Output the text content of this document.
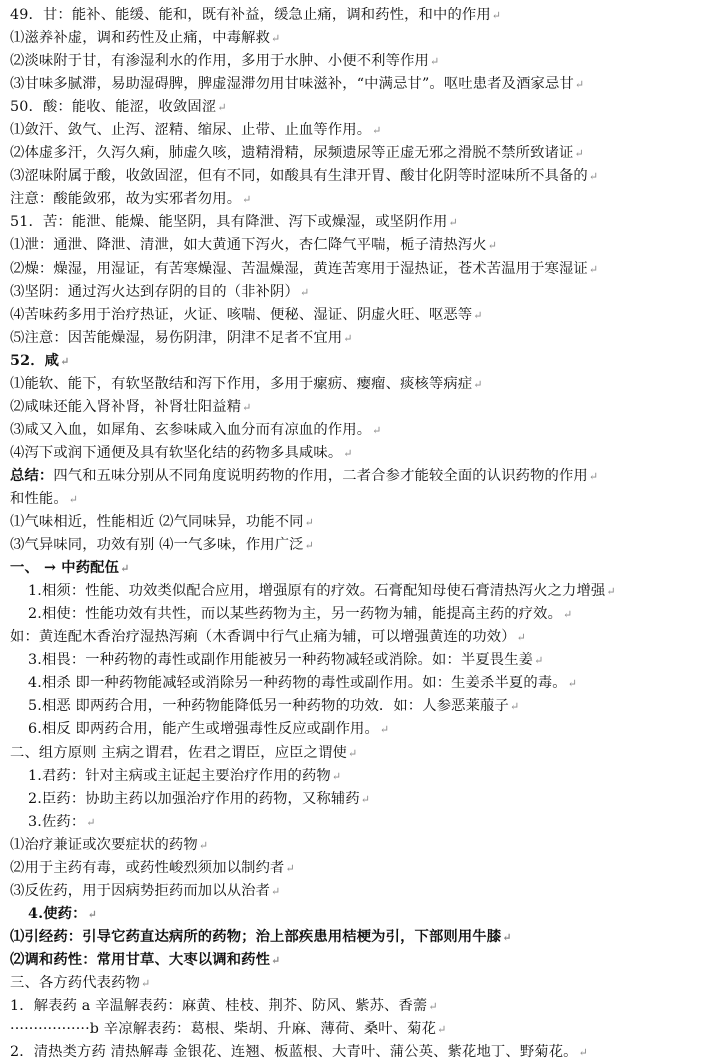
49．甘：能补、能缓、能和，既有补益，缓急止痛，调和药性，和中的作用↵
⑴滋养补虚，调和药性及止痛，中毒解救↵
⑵淡味附于甘，有渗湿利水的作用，多用于水肿、小便不利等作用↵
⑶甘味多腻滞，易助湿碍脾，脾虚湿滞勿用甘味滋补，“中满忌甘”。呕吐患者及酒家忌甘↵
50．酸：能收、能涩，收敛固涩↵
⑴敛汗、敛气、止泻、涩精、缩尿、止带、止血等作用。↵
⑵体虚多汗，久泻久痢，肺虚久咳，遗精滑精，尿频遗尿等正虚无邪之滑脱不禁所致诸证↵
⑶涩味附属于酸，收敛固涩，但有不同，如酸具有生津开胃、酸甘化阴等时涩味所不具备的↵
注意：酸能敛邪，故为实邪者勿用。↵
51．苦：能泄、能燥、能坚阴，具有降泄、泻下或燥湿，或坚阴作用↵
⑴泄：通泄、降泄、清泄，如大黄通下泻火，杏仁降气平喘，栀子清热泻火↵
⑵燥：燥湿，用湿证，有苦寒燥湿、苦温燥湿，黄连苦寒用于湿热证，苍术苦温用于寒湿证↵
⑶坚阴：通过泻火达到存阴的目的（非补阴）↵
⑷苦味药多用于治疗热证，火证、咳喘、便秘、湿证、阴虚火旺、呕恶等↵
⑸注意：因苦能燥湿，易伤阴津，阴津不足者不宜用↵
52．咸↵
⑴能软、能下，有软坚散结和泻下作用，多用于瘰疬、瘿瘤、痰核等病症↵
⑵咸味还能入肾补肾，补肾壮阳益精↵
⑶咸又入血，如犀角、玄参味咸入血分而有凉血的作用。↵
⑷泻下或润下通便及具有软坚化结的药物多具咸味。↵
总结：四气和五味分别从不同角度说明药物的作用，二者合参才能较全面的认识药物的作用↵
和性能。↵
⑴气味相近，性能相近 ⑵气同味异，功能不同↵
⑶气异味同，功效有别 ⑷一气多味，作用广泛↵
一、 → 中药配伍↵
1.相须：性能、功效类似配合应用，增强原有的疗效。石膏配知母使石膏清热泻火之力增强↵
2.相使：性能功效有共性，而以某些药物为主，另一药物为辅，能提高主药的疗效。↵
如：黄连配木香治疗湿热泻痢（木香调中行气止痛为辅，可以增强黄连的功效）↵
3.相畏：一种药物的毒性或副作用能被另一种药物减轻或消除。如：半夏畏生姜↵
4.相杀 即一种药物能减轻或消除另一种药物的毒性或副作用。如：生姜杀半夏的毒。↵
5.相恶 即两药合用，一种药物能降低另一种药物的功效．如：人参恶莱菔子↵
6.相反 即两药合用，能产生或增强毒性反应或副作用。↵
二、组方原则 主病之谓君，佐君之谓臣，应臣之谓使↵
1.君药：针对主病或主证起主要治疗作用的药物↵
2.臣药：协助主药以加强治疗作用的药物，又称辅药↵
3.佐药：↵
⑴治疗兼证或次要症状的药物↵
⑵用于主药有毒，或药性峻烈须加以制约者↵
⑶反佐药，用于因病势拒药而加以从治者↵
4.使药：↵
⑴引经药：引导它药直达病所的药物；治上部疾患用桔梗为引，下部则用牛膝↵
⑵调和药性：常用甘草、大枣以调和药性↵
三、各方药代表药物↵
1．解表药 a 辛温解表药：麻黄、桂枝、荆芥、防风、紫苏、香薷↵
·················b 辛凉解表药：葛根、柴胡、升麻、薄荷、桑叶、菊花↵
2．清热类方药 清热解毒 金银花、连翘、板蓝根、大青叶、蒲公英、紫花地丁、野菊花。↵
